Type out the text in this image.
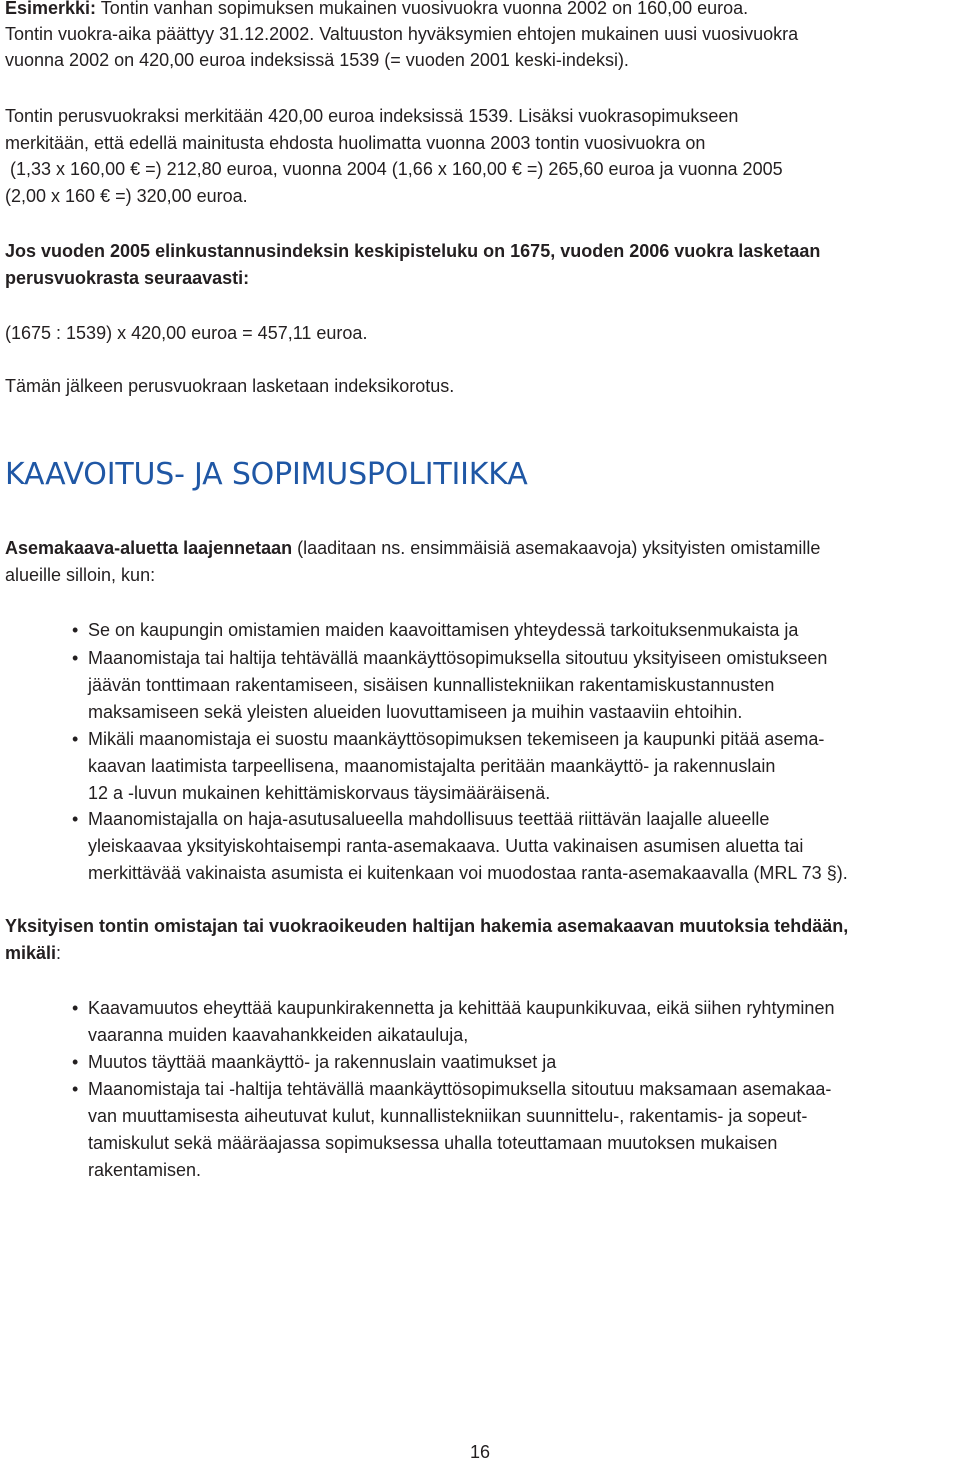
Esimerkki: Tontin vanhan sopimuksen mukainen vuosivuokra vuonna 2002 on 160,00 euroa.
Tontin vuokra-aika päättyy 31.12.2002. Valtuuston hyväksymien ehtojen mukainen uusi vuosivuokra
vuonna 2002 on 420,00 euroa indeksissä 1539 (= vuoden 2001 keski-indeksi).
Tontin perusvuokraksi merkitään 420,00 euroa indeksissä 1539. Lisäksi vuokrasopimukseen
merkitään, että edellä mainitusta ehdosta huolimatta vuonna 2003 tontin vuosivuokra on
(1,33 x 160,00 € =) 212,80 euroa, vuonna 2004 (1,66 x 160,00 € =) 265,60 euroa ja vuonna 2005
(2,00 x 160 € =) 320,00 euroa.
Jos vuoden 2005 elinkustannusindeksin keskipisteluku on 1675, vuoden 2006 vuokra lasketaan
perusvuokrasta seuraavasti:
(1675 : 1539) x 420,00 euroa = 457,11 euroa.
Tämän jälkeen perusvuokraan lasketaan indeksikorotus.
KAAVOITUS- JA SOPIMUSPOLITIIKKA
Asemakaava-aluetta laajennetaan (laaditaan ns. ensimmäisiä asemakaavoja) yksityisten omistamille
alueille silloin, kun:
• Se on kaupungin omistamien maiden kaavoittamisen yhteydessä tarkoituksenmukaista ja
• Maanomistaja tai haltija tehtävällä maankäyttösopimuksella sitoutuu yksityiseen omistukseen
jäävän tonttimaan rakentamiseen, sisäisen kunnallistekniikan rakentamiskustannusten
maksamiseen sekä yleisten alueiden luovuttamiseen ja muihin vastaaviin ehtoihin.
• Mikäli maanomistaja ei suostu maankäyttösopimuksen tekemiseen ja kaupunki pitää asema-
kaavan laatimista tarpeellisena, maanomistajalta peritään maankäyttö- ja rakennuslain
12 a -luvun mukainen kehittämiskorvaus täysimääräisenä.
• Maanomistajalla on haja-asutusalueella mahdollisuus teettää riittävän laajalle alueelle
yleiskaavaa yksityiskohtaisempi ranta-asemakaava. Uutta vakinaisen asumisen aluetta tai
merkittävää vakinaista asumista ei kuitenkaan voi muodostaa ranta-asemakaavalla (MRL 73 §).
Yksityisen tontin omistajan tai vuokraoikeuden haltijan hakemia asemakaavan muutoksia tehdään,
mikäli:
• Kaavamuutos eheyttää kaupunkirakennetta ja kehittää kaupunkikuvaa, eikä siihen ryhtyminen
vaaranna muiden kaavahankkeiden aikatauluja,
• Muutos täyttää maankäyttö- ja rakennuslain vaatimukset ja
• Maanomistaja tai -haltija tehtävällä maankäyttösopimuksella sitoutuu maksamaan asemakaa-
van muuttamisesta aiheutuvat kulut, kunnallistekniikan suunnittelu-, rakentamis- ja sopeut-
tamiskulut sekä määräajassa sopimuksessa uhalla toteuttamaan muutoksen mukaisen
rakentamisen.
16
